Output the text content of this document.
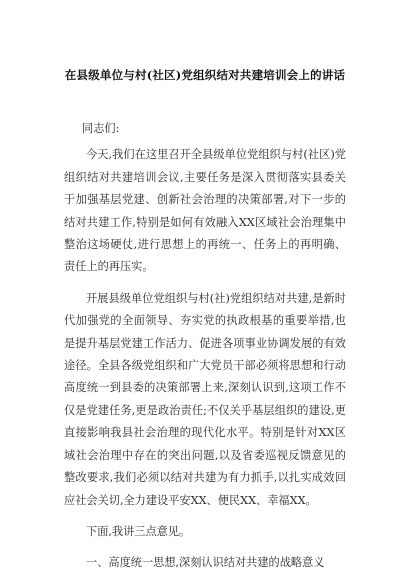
在县级单位与村(社区)党组织结对共建培训会上的讲话

同志们:

今天,我们在这里召开全县级单位党组织与村(社区)党组织结对共建培训会议,主要任务是深入贯彻落实县委关于加强基层党建、创新社会治理的决策部署,对下一步的结对共建工作,特别是如何有效融入XX区域社会治理集中整治这场硬仗,进行思想上的再统一、任务上的再明确、责任上的再压实。

开展县级单位党组织与村(社)党组织结对共建,是新时代加强党的全面领导、夯实党的执政根基的重要举措,也是提升基层党建工作活力、促进各项事业协调发展的有效途径。全县各级党组织和广大党员干部必须将思想和行动高度统一到县委的决策部署上来,深刻认识到,这项工作不仅是党建任务,更是政治责任;不仅关乎基层组织的建设,更直接影响我县社会治理的现代化水平。特别是针对XX区域社会治理中存在的突出问题,以及省委巡视反馈意见的整改要求,我们必须以结对共建为有力抓手,以扎实成效回应社会关切,全力建设平安XX、便民XX、幸福XX。

下面,我讲三点意见。

一、高度统一思想,深刻认识结对共建的战略意义
